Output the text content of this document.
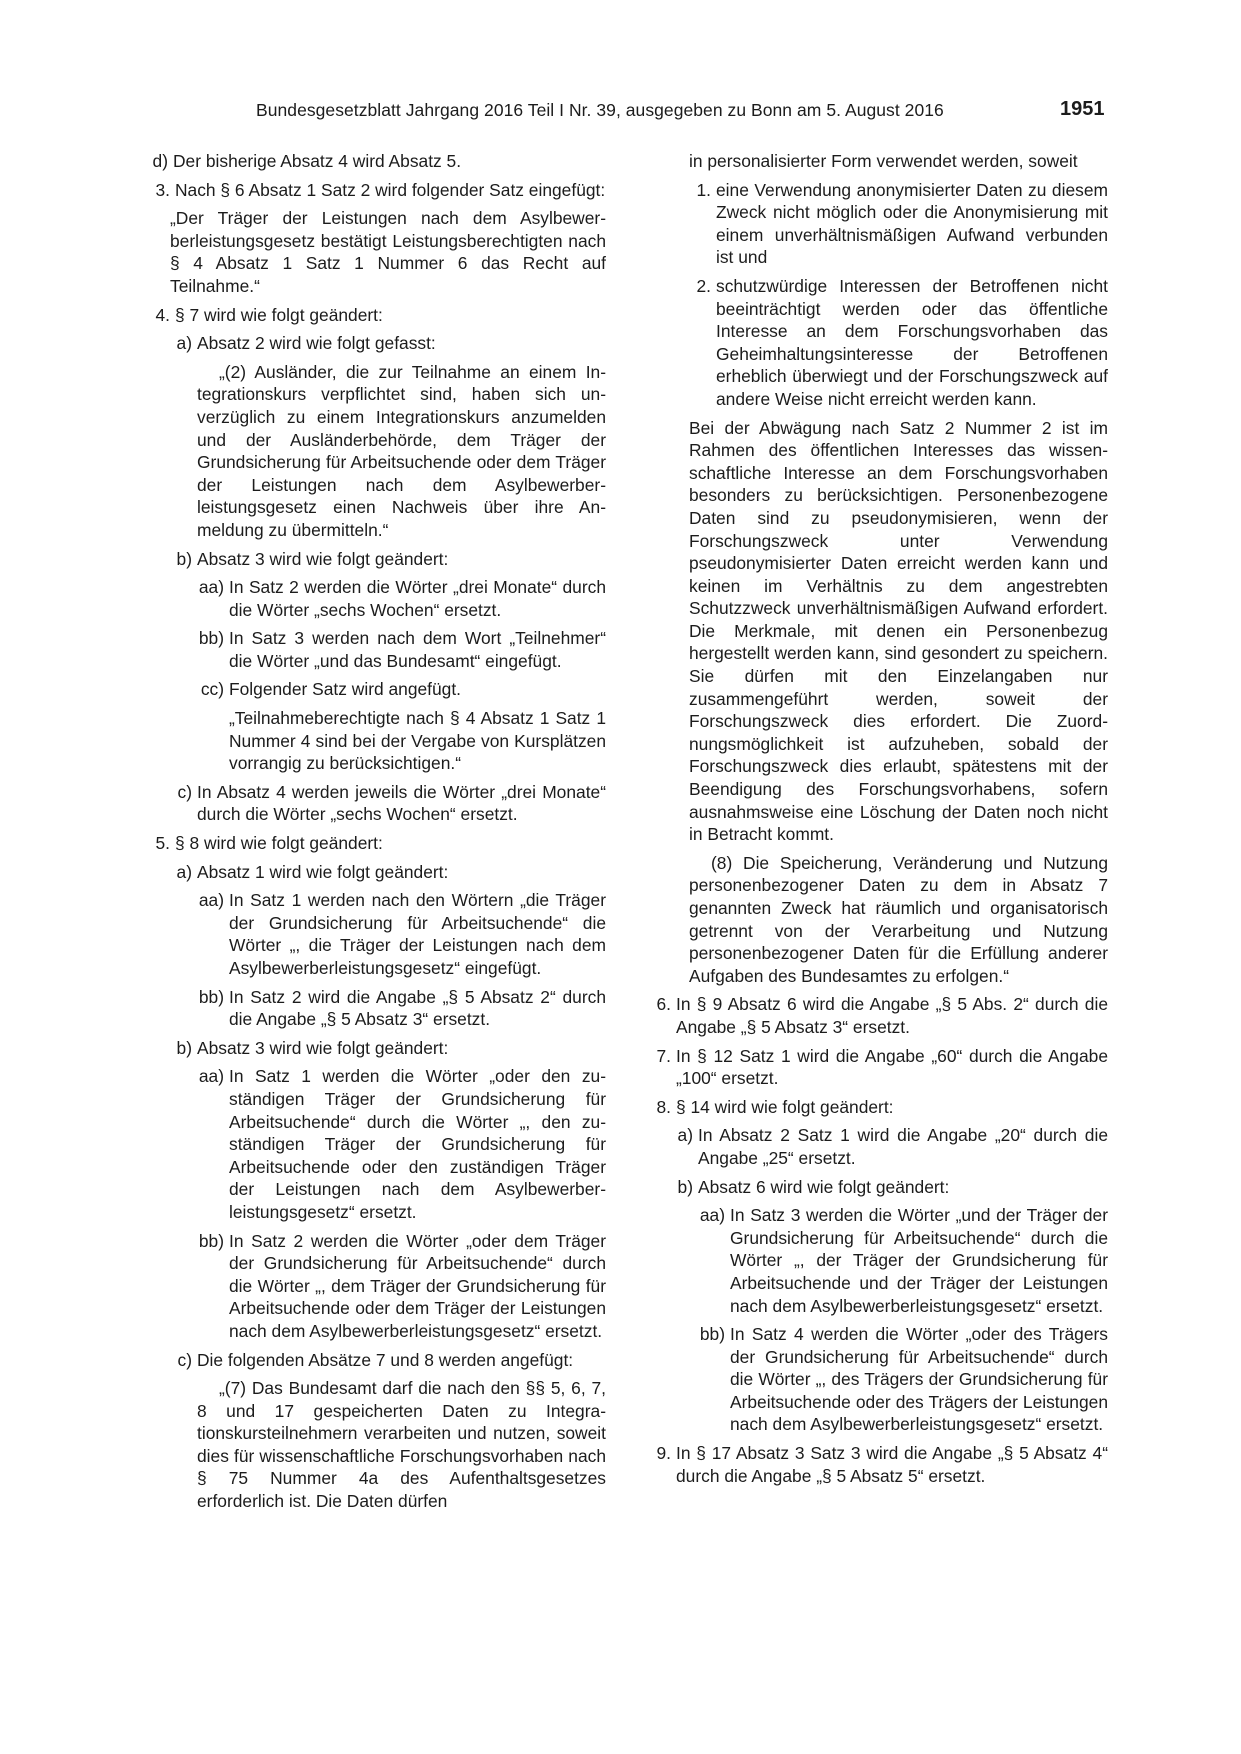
Bundesgesetzblatt Jahrgang 2016 Teil I Nr. 39, ausgegeben zu Bonn am 5. August 2016	1951
d) Der bisherige Absatz 4 wird Absatz 5.
3. Nach § 6 Absatz 1 Satz 2 wird folgender Satz eingefügt:
„Der Träger der Leistungen nach dem Asylbewerberleistungsgesetz bestätigt Leistungsberechtigten nach § 4 Absatz 1 Satz 1 Nummer 6 das Recht auf Teilnahme.“
4. § 7 wird wie folgt geändert:
a) Absatz 2 wird wie folgt gefasst:
„(2) Ausländer, die zur Teilnahme an einem Integrationskurs verpflichtet sind, haben sich unverzüglich zu einem Integrationskurs anzumelden und der Ausländerbehörde, dem Träger der Grundsicherung für Arbeitsuchende oder dem Träger der Leistungen nach dem Asylbewerberleistungsgesetz einen Nachweis über ihre Anmeldung zu übermitteln.“
b) Absatz 3 wird wie folgt geändert:
aa) In Satz 2 werden die Wörter „drei Monate“ durch die Wörter „sechs Wochen“ ersetzt.
bb) In Satz 3 werden nach dem Wort „Teilnehmer“ die Wörter „und das Bundesamt“ eingefügt.
cc) Folgender Satz wird angefügt.
„Teilnahmeberechtigte nach § 4 Absatz 1 Satz 1 Nummer 4 sind bei der Vergabe von Kursplätzen vorrangig zu berücksichtigen.“
c) In Absatz 4 werden jeweils die Wörter „drei Monate“ durch die Wörter „sechs Wochen“ ersetzt.
5. § 8 wird wie folgt geändert:
a) Absatz 1 wird wie folgt geändert:
aa) In Satz 1 werden nach den Wörtern „die Träger der Grundsicherung für Arbeitsuchende“ die Wörter „, die Träger der Leistungen nach dem Asylbewerberleistungsgesetz“ eingefügt.
bb) In Satz 2 wird die Angabe „§ 5 Absatz 2“ durch die Angabe „§ 5 Absatz 3“ ersetzt.
b) Absatz 3 wird wie folgt geändert:
aa) In Satz 1 werden die Wörter „oder den zuständigen Träger der Grundsicherung für Arbeitsuchende“ durch die Wörter „, den zuständigen Träger der Grundsicherung für Arbeitsuchende oder den zuständigen Träger der Leistungen nach dem Asylbewerberleistungsgesetz“ ersetzt.
bb) In Satz 2 werden die Wörter „oder dem Träger der Grundsicherung für Arbeitsuchende“ durch die Wörter „, dem Träger der Grundsicherung für Arbeitsuchende oder dem Träger der Leistungen nach dem Asylbewerberleistungsgesetz“ ersetzt.
c) Die folgenden Absätze 7 und 8 werden angefügt:
„(7) Das Bundesamt darf die nach den §§ 5, 6, 7, 8 und 17 gespeicherten Daten zu Integrationskursteilnehmern verarbeiten und nutzen, soweit dies für wissenschaftliche Forschungsvorhaben nach § 75 Nummer 4a des Aufenthaltsgesetzes erforderlich ist. Die Daten dürfen
in personalisierter Form verwendet werden, soweit
1. eine Verwendung anonymisierter Daten zu diesem Zweck nicht möglich oder die Anonymisierung mit einem unverhältnismäßigen Aufwand verbunden ist und
2. schutzwürdige Interessen der Betroffenen nicht beeinträchtigt werden oder das öffentliche Interesse an dem Forschungsvorhaben das Geheimhaltungsinteresse der Betroffenen erheblich überwiegt und der Forschungszweck auf andere Weise nicht erreicht werden kann.
Bei der Abwägung nach Satz 2 Nummer 2 ist im Rahmen des öffentlichen Interesses das wissenschaftliche Interesse an dem Forschungsvorhaben besonders zu berücksichtigen. Personenbezogene Daten sind zu pseudonymisieren, wenn der Forschungszweck unter Verwendung pseudonymisierter Daten erreicht werden kann und keinen im Verhältnis zu dem angestrebten Schutzzweck unverhältnismäßigen Aufwand erfordert. Die Merkmale, mit denen ein Personenbezug hergestellt werden kann, sind gesondert zu speichern. Sie dürfen mit den Einzelangaben nur zusammengeführt werden, soweit der Forschungszweck dies erfordert. Die Zuordnungsmöglichkeit ist aufzuheben, sobald der Forschungszweck dies erlaubt, spätestens mit der Beendigung des Forschungsvorhabens, sofern ausnahmsweise eine Löschung der Daten noch nicht in Betracht kommt.
(8) Die Speicherung, Veränderung und Nutzung personenbezogener Daten zu dem in Absatz 7 genannten Zweck hat räumlich und organisatorisch getrennt von der Verarbeitung und Nutzung personenbezogener Daten für die Erfüllung anderer Aufgaben des Bundesamtes zu erfolgen.“
6. In § 9 Absatz 6 wird die Angabe „§ 5 Abs. 2“ durch die Angabe „§ 5 Absatz 3“ ersetzt.
7. In § 12 Satz 1 wird die Angabe „60“ durch die Angabe „100“ ersetzt.
8. § 14 wird wie folgt geändert:
a) In Absatz 2 Satz 1 wird die Angabe „20“ durch die Angabe „25“ ersetzt.
b) Absatz 6 wird wie folgt geändert:
aa) In Satz 3 werden die Wörter „und der Träger der Grundsicherung für Arbeitsuchende“ durch die Wörter „, der Träger der Grundsicherung für Arbeitsuchende und der Träger der Leistungen nach dem Asylbewerberleistungsgesetz“ ersetzt.
bb) In Satz 4 werden die Wörter „oder des Trägers der Grundsicherung für Arbeitsuchende“ durch die Wörter „, des Trägers der Grundsicherung für Arbeitsuchende oder des Trägers der Leistungen nach dem Asylbewerberleistungsgesetz“ ersetzt.
9. In § 17 Absatz 3 Satz 3 wird die Angabe „§ 5 Absatz 4“ durch die Angabe „§ 5 Absatz 5“ ersetzt.
